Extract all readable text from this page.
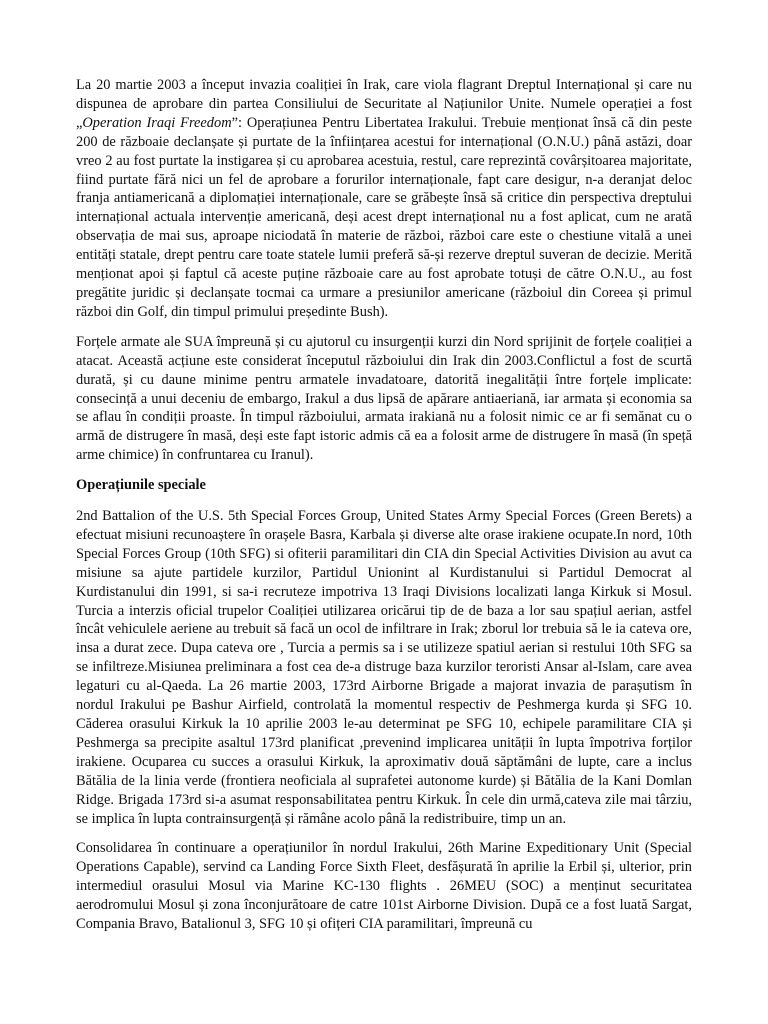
La 20 martie 2003 a început invazia coaliției în Irak, care viola flagrant Dreptul Internațional și care nu dispunea de aprobare din partea Consiliului de Securitate al Națiunilor Unite. Numele operației a fost „Operation Iraqi Freedom”: Operațiunea Pentru Libertatea Irakului. Trebuie menționat însă că din peste 200 de războaie declanșate și purtate de la înființarea acestui for internațional (O.N.U.) până astăzi, doar vreo 2 au fost purtate la instigarea și cu aprobarea acestuia, restul, care reprezintă covârșitoarea majoritate, fiind purtate fără nici un fel de aprobare a forurilor internaționale, fapt care desigur, n-a deranjat deloc franja antiamericană a diplomației internaționale, care se grăbește însă să critice din perspectiva dreptului internațional actuala intervenție americană, deși acest drept internațional nu a fost aplicat, cum ne arată observația de mai sus, aproape niciodată în materie de război, război care este o chestiune vitală a unei entități statale, drept pentru care toate statele lumii preferă să-și rezerve dreptul suveran de decizie. Merită menționat apoi și faptul că aceste puține războaie care au fost aprobate totuși de către O.N.U., au fost pregătite juridic și declanșate tocmai ca urmare a presiunilor americane (războiul din Coreea și primul război din Golf, din timpul primului președinte Bush).

Forțele armate ale SUA împreună și cu ajutorul cu insurgenții kurzi din Nord sprijinit de forțele coaliției a atacat. Această acțiune este considerat începutul războiului din Irak din 2003.Conflictul a fost de scurtă durată, și cu daune minime pentru armatele invadatoare, datorită inegalității între forțele implicate: consecință a unui deceniu de embargo, Irakul a dus lipsă de apărare antiaeriană, iar armata și economia sa se aflau în condiții proaste. În timpul războiului, armata irakiană nu a folosit nimic ce ar fi semănat cu o armă de distrugere în masă, deși este fapt istoric admis că ea a folosit arme de distrugere în masă (în speță arme chimice) în confruntarea cu Iranul).

Operațiunile speciale

2nd Battalion of the U.S. 5th Special Forces Group, United States Army Special Forces (Green Berets) a efectuat misiuni recunoaștere în orașele Basra, Karbala și diverse alte orase irakiene ocupate.In nord, 10th Special Forces Group (10th SFG) si ofiterii paramilitari din CIA din Special Activities Division au avut ca misiune sa ajute partidele kurzilor, Partidul Unionint al Kurdistanului si Partidul Democrat al Kurdistanului din 1991, si sa-i recruteze impotriva 13 Iraqi Divisions localizati langa Kirkuk si Mosul. Turcia a interzis oficial trupelor Coaliției utilizarea oricărui tip de de baza a lor sau spațiul aerian, astfel încât vehiculele aeriene au trebuit să facă un ocol de infiltrare in Irak; zborul lor trebuia să le ia cateva ore, insa a durat zece. Dupa cateva ore , Turcia a permis sa i se utilizeze spatiul aerian si restului 10th SFG sa se infiltreze.Misiunea preliminara a fost cea de-a distruge baza kurzilor teroristi Ansar al-Islam, care avea legaturi cu al-Qaeda. La 26 martie 2003, 173rd Airborne Brigade a majorat invazia de parașutism în nordul Irakului pe Bashur Airfield, controlată la momentul respectiv de Peshmerga kurda și SFG 10. Căderea orasului Kirkuk la 10 aprilie 2003 le-au determinat pe SFG 10, echipele paramilitare CIA și Peshmerga sa precipite asaltul 173rd planificat ,prevenind implicarea unității în lupta împotriva forților irakiene. Ocuparea cu succes a orasului Kirkuk, la aproximativ două săptămâni de lupte, care a inclus Bătălia de la linia verde (frontiera neoficiala al suprafetei autonome kurde) și Bătălia de la Kani Domlan Ridge. Brigada 173rd si-a asumat responsabilitatea pentru Kirkuk. În cele din urmă,cateva zile mai târziu, se implica în lupta contrainsurgență și rămâne acolo până la redistribuire, timp un an.

Consolidarea în continuare a operațiunilor în nordul Irakului, 26th Marine Expeditionary Unit (Special Operations Capable), servind ca Landing Force Sixth Fleet, desfășurată în aprilie la Erbil și, ulterior, prin intermediul orasului Mosul via Marine KC-130 flights . 26MEU (SOC) a menținut securitatea aerodromului Mosul și zona înconjurătoare de catre 101st Airborne Division. După ce a fost luată Sargat, Compania Bravo, Batalionul 3, SFG 10 și ofițeri CIA paramilitari, împreună cu
